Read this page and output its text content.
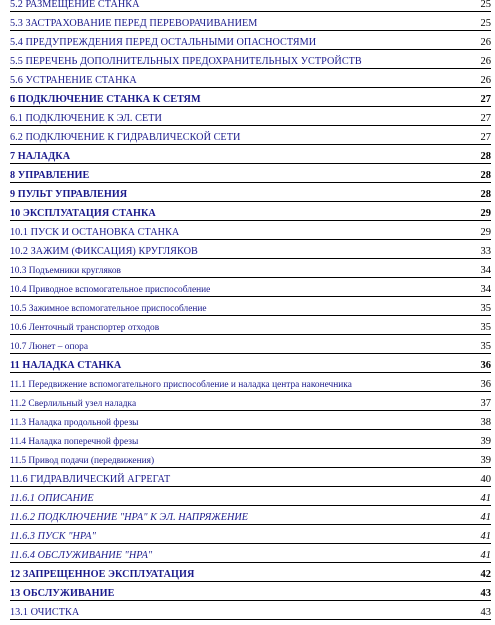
5.2 РАЗМЕЩЕНИЕ СТАНКА	25
5.3 ЗАСТРАХОВАНИЕ ПЕРЕД ПЕРЕВОРАЧИВАНИЕМ	25
5.4 ПРЕДУПРЕЖДЕНИЯ ПЕРЕД ОСТАЛЬНЫМИ ОПАСНОСТЯМИ	26
5.5 ПЕРЕЧЕНЬ ДОПОЛНИТЕЛЬНЫХ ПРЕДОХРАНИТЕЛЬНЫХ УСТРОЙСТВ	26
5.6 УСТРАНЕНИЕ СТАНКА	26
6 ПОДКЛЮЧЕНИЕ СТАНКА К СЕТЯМ	27
6.1 ПОДКЛЮЧЕНИЕ К ЭЛ. СЕТИ	27
6.2 ПОДКЛЮЧЕНИЕ К ГИДРАВЛИЧЕСКОЙ СЕТИ	27
7 НАЛАДКА	28
8 УПРАВЛЕНИЕ	28
9 ПУЛЬТ УПРАВЛЕНИЯ	28
10 ЭКСПЛУАТАЦИЯ СТАНКА	29
10.1 ПУСК И ОСТАНОВКА СТАНКА	29
10.2 ЗАЖИМ (ФИКСАЦИЯ) КРУГЛЯКОВ	33
10.3 Подъемники кругляков	34
10.4 Приводное вспомогательное приспособление	34
10.5 Зажимное вспомогательное приспособление	35
10.6 Ленточный транспортер отходов	35
10.7 Люнет – опора	35
11 НАЛАДКА СТАНКА	36
11.1 Передвижение вспомогательного приспособление и наладка центра наконечника	36
11.2 Сверлильный узел наладка	37
11.3 Наладка продольной фрезы	38
11.4 Наладка поперечной фрезы	39
11.5 Привод подачи (передвижения)	39
11.6 ГИДРАВЛИЧЕСКИЙ АГРЕГАТ	40
11.6.1 ОПИСАНИЕ	41
11.6.2 ПОДКЛЮЧЕНИЕ "НРА" К ЭЛ. НАПРЯЖЕНИЕ	41
11.6.3 ПУСК "НРА"	41
11.6.4 ОБСЛУЖИВАНИЕ "НРА"	41
12 ЗАПРЕЩЕННОЕ ЭКСПЛУАТАЦИЯ	42
13 ОБСЛУЖИВАНИЕ	43
13.1 ОЧИСТКА	43
